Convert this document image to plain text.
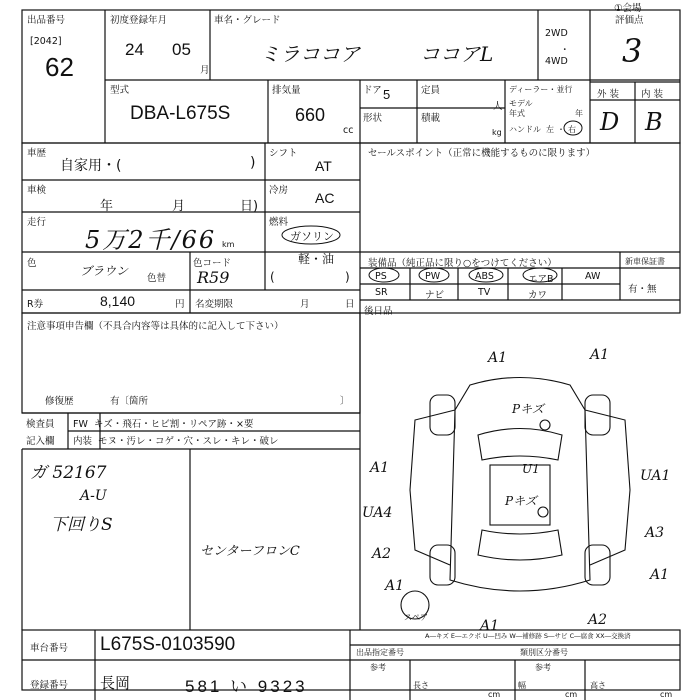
出品番号
[2042]
62
初度登録年月
24 05
月
車名・グレード
ミラココア	ココアL
2WD
・
4WD
評価点
①会場
3
外 装 内 装
D B
型式
DBA-L675S
排気量
660
cc
ドア 5
形状
定員
人
積載
kg
ディーラー・並行
モデル
年式	年
ハンドル 左 ・ 右
車歴
自家用・(	)
車検
年	月	日)
走行
5万2千/66 km
色
ブラウン
色替
色コード
R59
R券	8,140	円 名変期限	月	日
シフト
AT
冷房 AC
燃料
ガソリン
軽・油
(	)
セールスポイント（正常に機能するものに限ります）
装備品（純正品に限り○をつけてください）	新車保証書
有・無
PS	PW	ABS	エアB	AW
SR	ナビ	TV	カワ
後日品
注意事項申告欄（不具合内容等は具体的に記入して下さい）
修復歴	有〔箇所	〕
検査員
記入欄
FW  キズ・飛石・ヒビ割・リペア跡・×要
内装  モヌ・汚レ・コゲ・穴・スレ・キレ・破レ
ガ 52167
A-U
下回りS
センターフロンC
A1	A1
Pキズ
A1	UA1
U1
UA4
Pキズ
A3
A2
A1
A1
A1	A2
スペア
A―キズ E―エクボ U―凹み W―補修跡 S―サビ C―腐食 XX―交換済
車台番号 L675S-0103590
登録番号 長岡	581 い 9323
出品指定番号
参考
類別区分番号
参考
長さ
cm
幅
cm
高さ
cm
